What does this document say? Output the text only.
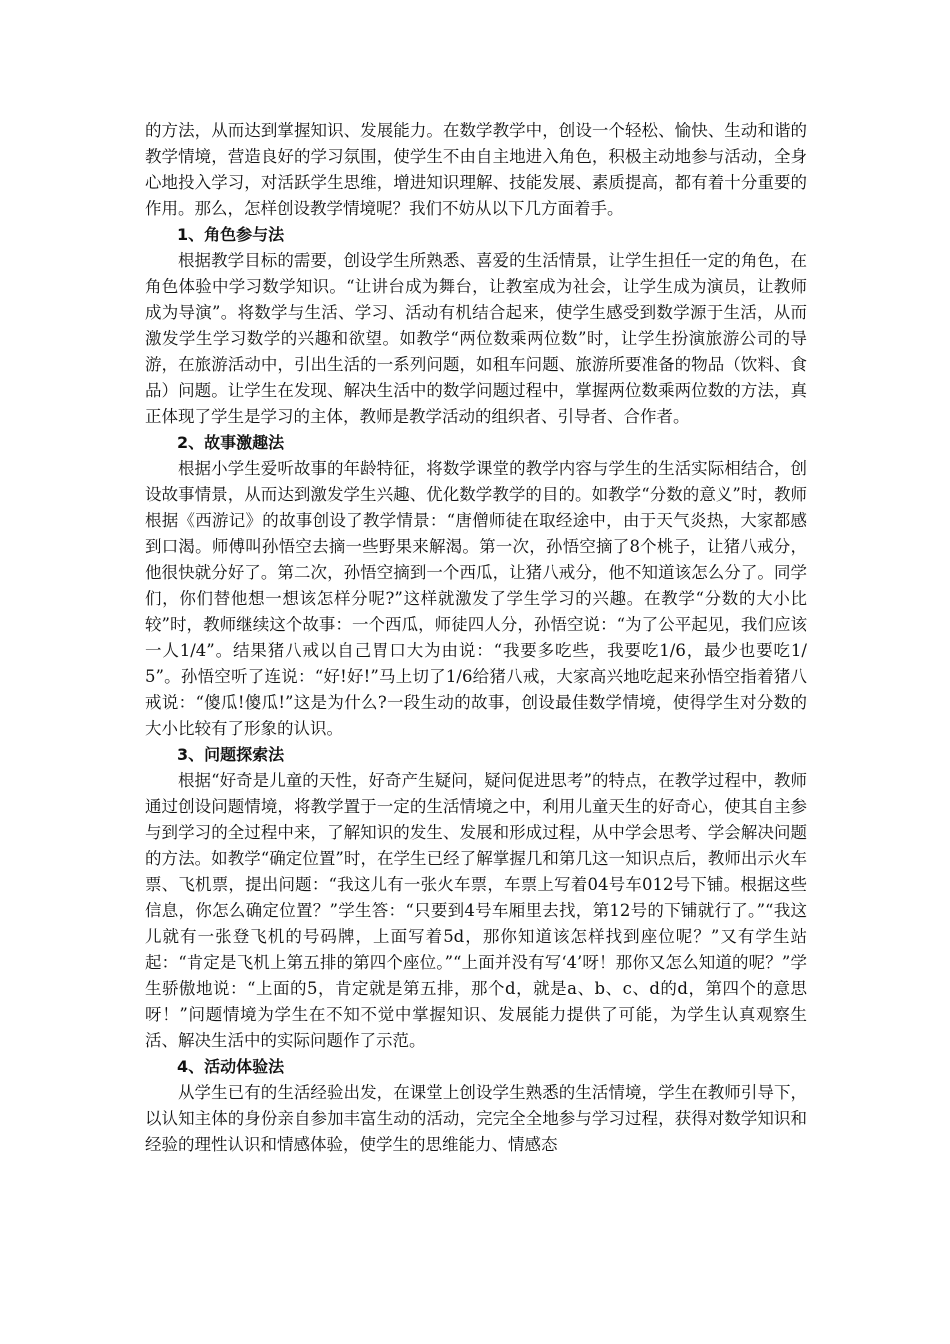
的方法，从而达到掌握知识、发展能力。在数学教学中，创设一个轻松、愉快、生动和谐的教学情境，营造良好的学习氛围，使学生不由自主地进入角色，积极主动地参与活动，全身心地投入学习，对活跃学生思维，增进知识理解、技能发展、素质提高，都有着十分重要的作用。那么，怎样创设教学情境呢？我们不妨从以下几方面着手。

1、角色参与法

根据教学目标的需要，创设学生所熟悉、喜爱的生活情景，让学生担任一定的角色，在角色体验中学习数学知识。“让讲台成为舞台，让教室成为社会，让学生成为演员，让教师成为导演”。将数学与生活、学习、活动有机结合起来，使学生感受到数学源于生活，从而激发学生学习数学的兴趣和欲望。如教学“两位数乘两位数”时，让学生扮演旅游公司的导游，在旅游活动中，引出生活的一系列问题，如租车问题、旅游所要准备的物品（饮料、食品）问题。让学生在发现、解决生活中的数学问题过程中，掌握两位数乘两位数的方法，真正体现了学生是学习的主体，教师是教学活动的组织者、引导者、合作者。

2、故事激趣法

根据小学生爱听故事的年龄特征，将数学课堂的教学内容与学生的生活实际相结合，创设故事情景，从而达到激发学生兴趣、优化数学教学的目的。如教学“分数的意义”时，教师根据《西游记》的故事创设了教学情景：“唐僧师徒在取经途中，由于天气炎热，大家都感到口渴。师傅叫孙悟空去摘一些野果来解渴。第一次，孙悟空摘了8个桃子，让猪八戒分，他很快就分好了。第二次，孙悟空摘到一个西瓜，让猪八戒分，他不知道该怎么分了。同学们，你们替他想一想该怎样分呢?”这样就激发了学生学习的兴趣。在教学“分数的大小比较”时，教师继续这个故事：一个西瓜，师徒四人分，孙悟空说：“为了公平起见，我们应该一人1/4”。结果猪八戒以自己胃口大为由说：“我要多吃些，我要吃1/6，最少也要吃1/5”。孙悟空听了连说：“好!好!”马上切了1/6给猪八戒，大家高兴地吃起来孙悟空指着猪八戒说：“傻瓜!傻瓜!”这是为什么?一段生动的故事，创设最佳数学情境，使得学生对分数的大小比较有了形象的认识。

3、问题探索法

根据“好奇是儿童的天性，好奇产生疑问，疑问促进思考”的特点，在教学过程中，教师通过创设问题情境，将教学置于一定的生活情境之中，利用儿童天生的好奇心，使其自主参与到学习的全过程中来，了解知识的发生、发展和形成过程，从中学会思考、学会解决问题的方法。如教学“确定位置”时，在学生已经了解掌握几和第几这一知识点后，教师出示火车票、飞机票，提出问题：“我这儿有一张火车票，车票上写着04号车012号下铺。根据这些信息，你怎么确定位置？”学生答：“只要到4号车厢里去找，第12号的下铺就行了。”“我这儿就有一张登飞机的号码牌，上面写着5d，那你知道该怎样找到座位呢？”又有学生站起：“肯定是飞机上第五排的第四个座位。”“上面并没有写‘4’呀！那你又怎么知道的呢？”学生骄傲地说：“上面的5，肯定就是第五排，那个d，就是a、b、c、d的d，第四个的意思呀！”问题情境为学生在不知不觉中掌握知识、发展能力提供了可能，为学生认真观察生活、解决生活中的实际问题作了示范。

4、活动体验法

从学生已有的生活经验出发，在课堂上创设学生熟悉的生活情境，学生在教师引导下，以认知主体的身份亲自参加丰富生动的活动，完完全全地参与学习过程，获得对数学知识和经验的理性认识和情感体验，使学生的思维能力、情感态
